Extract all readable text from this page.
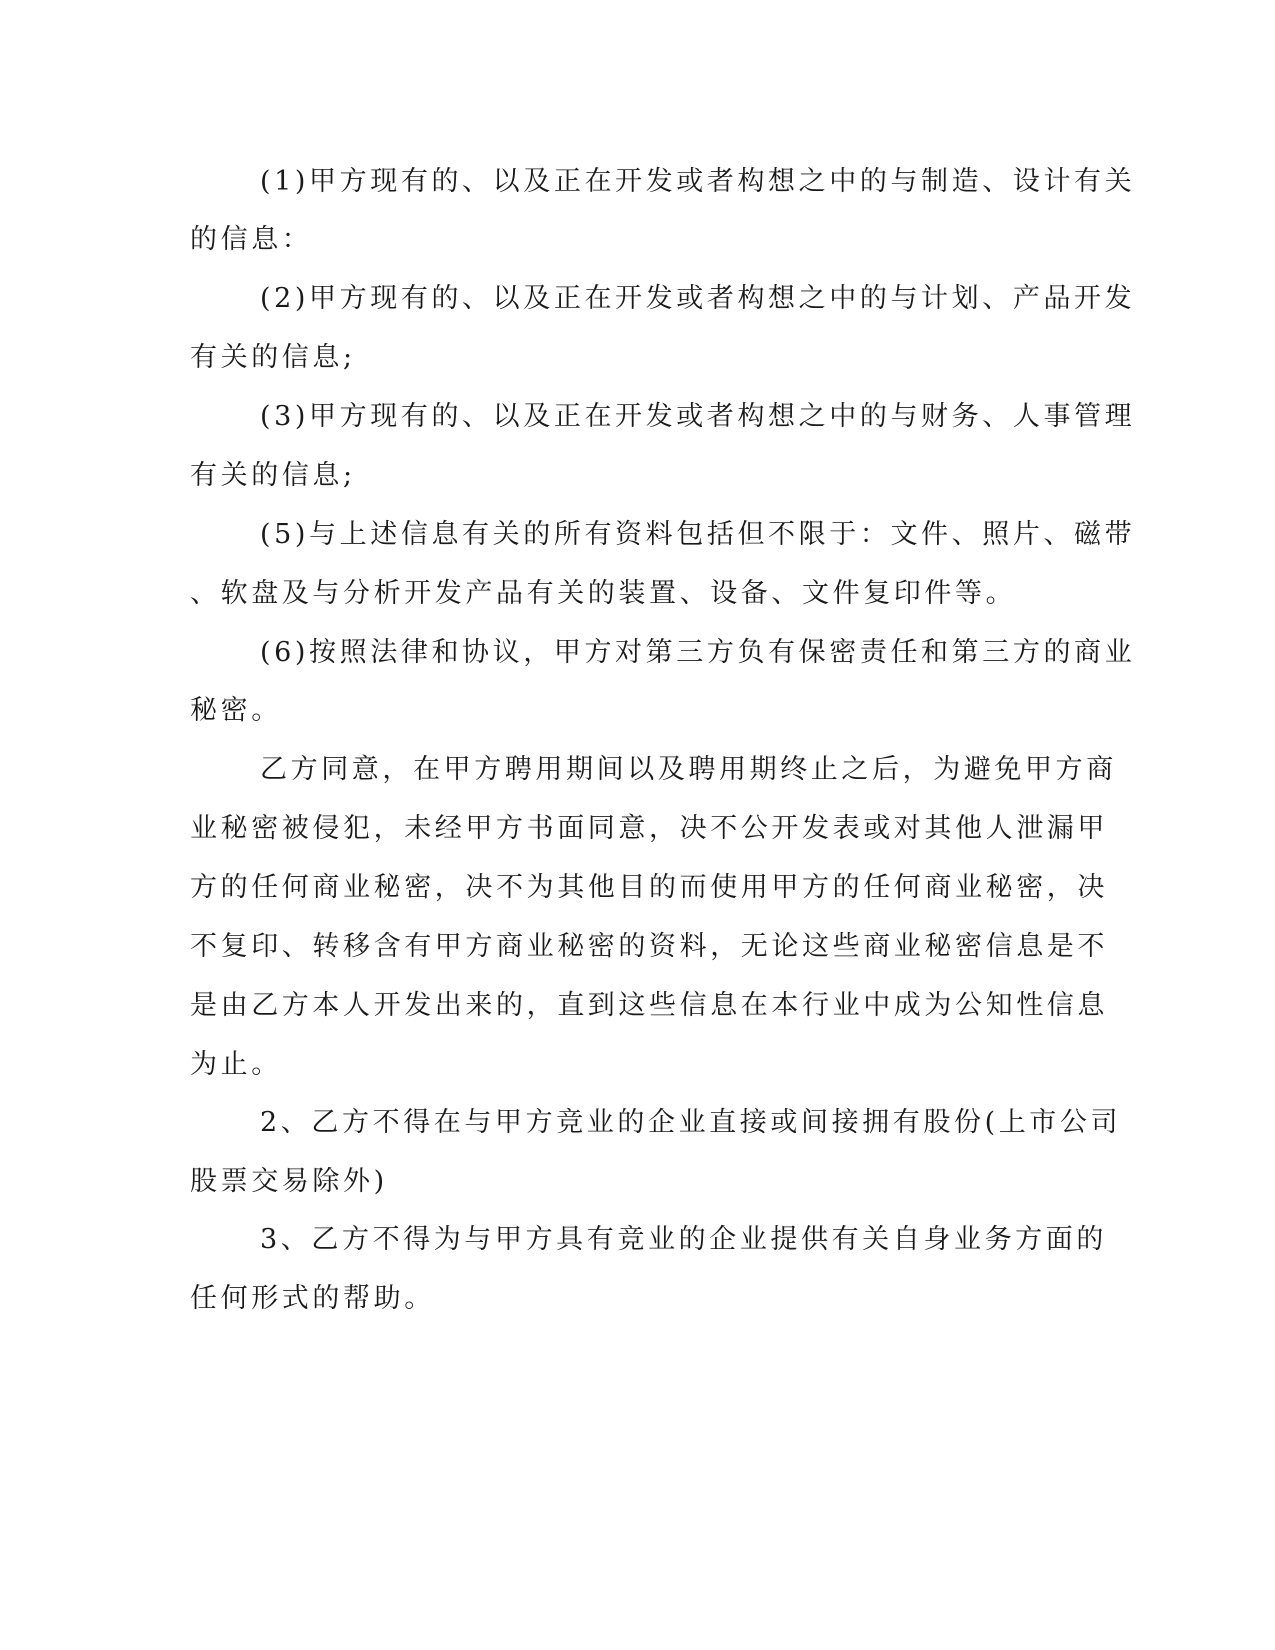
(1)甲方现有的、以及正在开发或者构想之中的与制造、设计有关
的信息：
(2)甲方现有的、以及正在开发或者构想之中的与计划、产品开发
有关的信息;
(3)甲方现有的、以及正在开发或者构想之中的与财务、人事管理
有关的信息;
(5)与上述信息有关的所有资料包括但不限于：文件、照片、磁带
、软盘及与分析开发产品有关的装置、设备、文件复印件等。
(6)按照法律和协议，甲方对第三方负有保密责任和第三方的商业
秘密。
乙方同意，在甲方聘用期间以及聘用期终止之后，为避免甲方商
业秘密被侵犯，未经甲方书面同意，决不公开发表或对其他人泄漏甲
方的任何商业秘密，决不为其他目的而使用甲方的任何商业秘密，决
不复印、转移含有甲方商业秘密的资料，无论这些商业秘密信息是不
是由乙方本人开发出来的，直到这些信息在本行业中成为公知性信息
为止。
2、乙方不得在与甲方竞业的企业直接或间接拥有股份(上市公司
股票交易除外)
3、乙方不得为与甲方具有竞业的企业提供有关自身业务方面的
任何形式的帮助。
